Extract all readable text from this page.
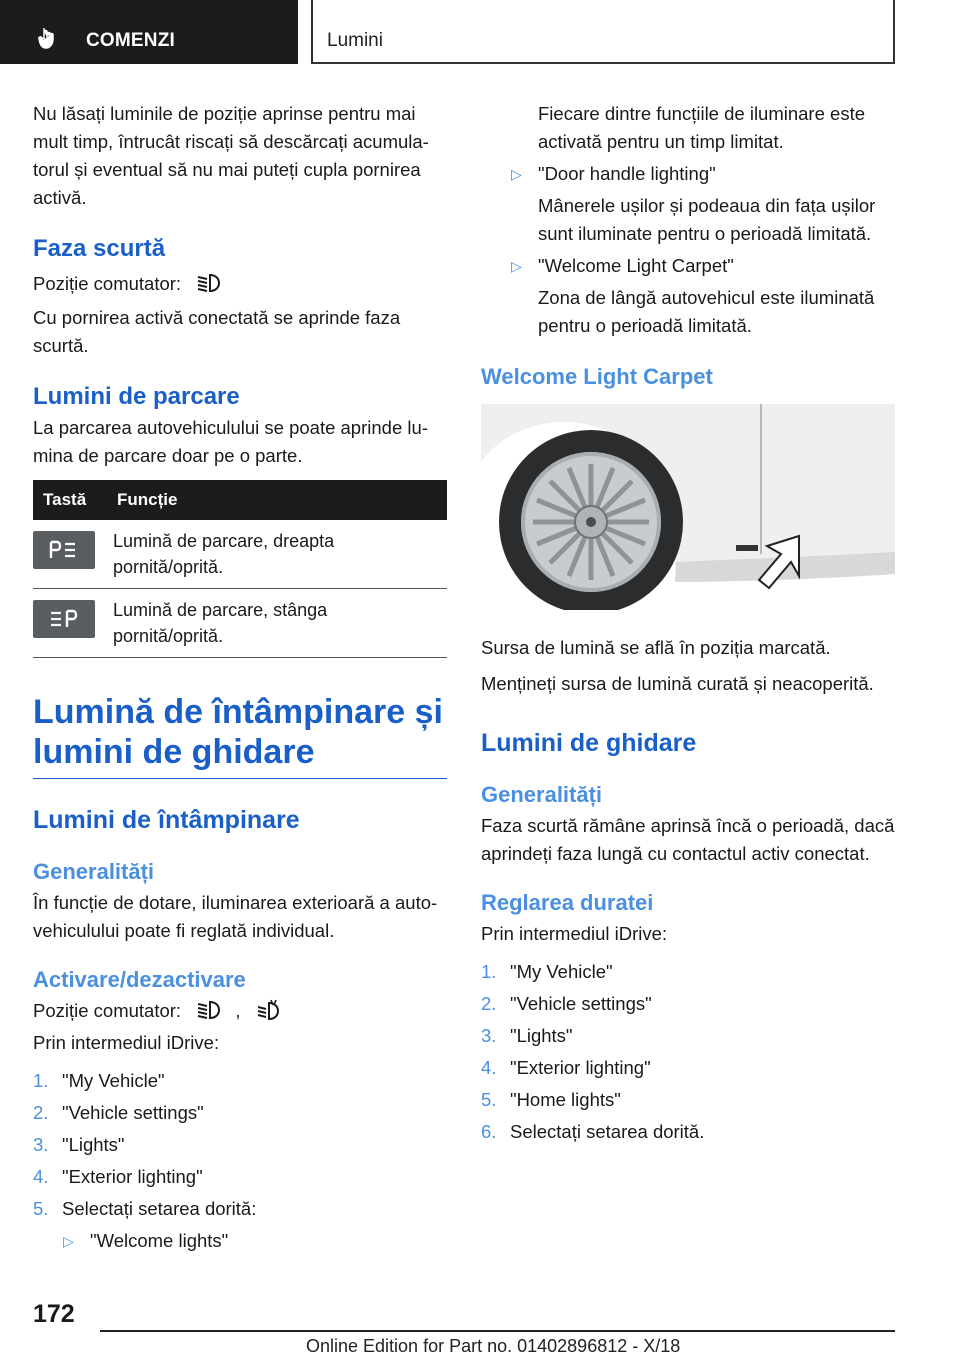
COMENZI	Lumini

Nu lăsați luminile de poziție aprinse pentru mai mult timp, întrucât riscați să descărcați acumula-torul și eventual să nu mai puteți cupla pornirea activă.

Faza scurtă

Poziție comutator:

Cu pornirea activă conectată se aprinde faza scurtă.

Lumini de parcare

La parcarea autovehiculului se poate aprinde lu-mina de parcare doar pe o parte.

Tastă	Funcție

	Lumină de parcare, dreapta pornită/oprită.

	Lumină de parcare, stânga pornită/oprită.
Lumină de întâmpinare și lumini de ghidare
Lumini de întâmpinare
Generalități

În funcție de dotare, iluminarea exterioară a auto-vehiculului poate fi reglată individual.

Activare/dezactivare

Poziție comutator:	,

Prin intermediul iDrive:

1. "My Vehicle"
2. "Vehicle settings"
3. "Lights"
4. "Exterior lighting"
5. Selectați setarea dorită:
▷ "Welcome lights"

Fiecare dintre funcțiile de iluminare este activată pentru un timp limitat.

▷ "Door handle lighting"

Mânerele ușilor și podeaua din fața ușilor sunt iluminate pentru o perioadă limitată.

▷ "Welcome Light Carpet"

Zona de lângă autovehicul este iluminată pentru o perioadă limitată.

Welcome Light Carpet

Sursa de lumină se află în poziția marcată.

Mențineți sursa de lumină curată și neacoperită.

Lumini de ghidare
Generalități

Faza scurtă rămâne aprinsă încă o perioadă, dacă aprindeți faza lungă cu contactul activ conectat.

Reglarea duratei

Prin intermediul iDrive:

1. "My Vehicle"
2. "Vehicle settings"
3. "Lights"
4. "Exterior lighting"
5. "Home lights"
6. Selectați setarea dorită.
172
Online Edition for Part no. 01402896812 - X/18
